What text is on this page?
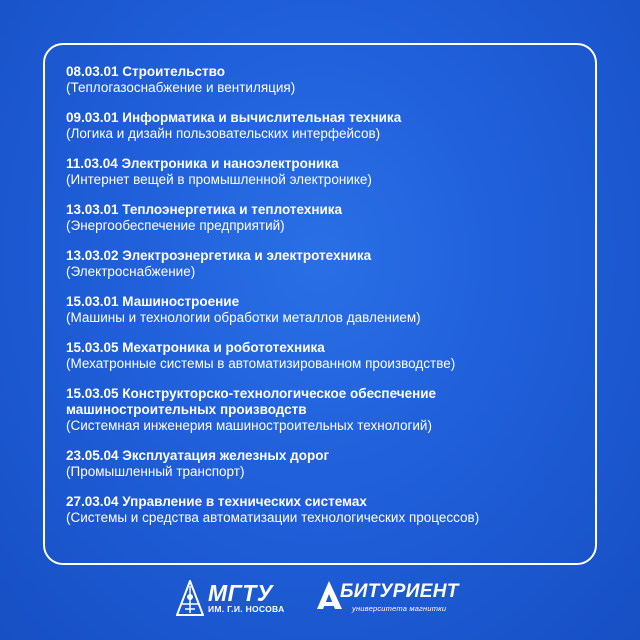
08.03.01 Строительство

(Теплогазоснабжение и вентиляция)

09.03.01 Информатика и вычислительная техника

(Логика и дизайн пользовательских интерфейсов)

11.03.04 Электроника и наноэлектроника

(Интернет вещей в промышленной электронике)

13.03.01 Теплоэнергетика и теплотехника

(Энергообеспечение предприятий)

13.03.02 Электроэнергетика и электротехника

(Электроснабжение)

15.03.01 Машиностроение

(Машины и технологии обработки металлов давлением)

15.03.05 Мехатроника и робототехника

(Мехатронные системы в автоматизированном производстве)

15.03.05 Конструкторско-технологическое обеспечение машиностроительных производств

(Системная инженерия машиностроительных технологий)

23.05.04 Эксплуатация железных дорог

(Промышленный транспорт)

27.03.04 Управление в технических системах

(Системы и средства автоматизации технологических процессов)

МГТУ
ИМ. Г.И. НОСОВА
БИТУРИЕНТ
университета магнитки
